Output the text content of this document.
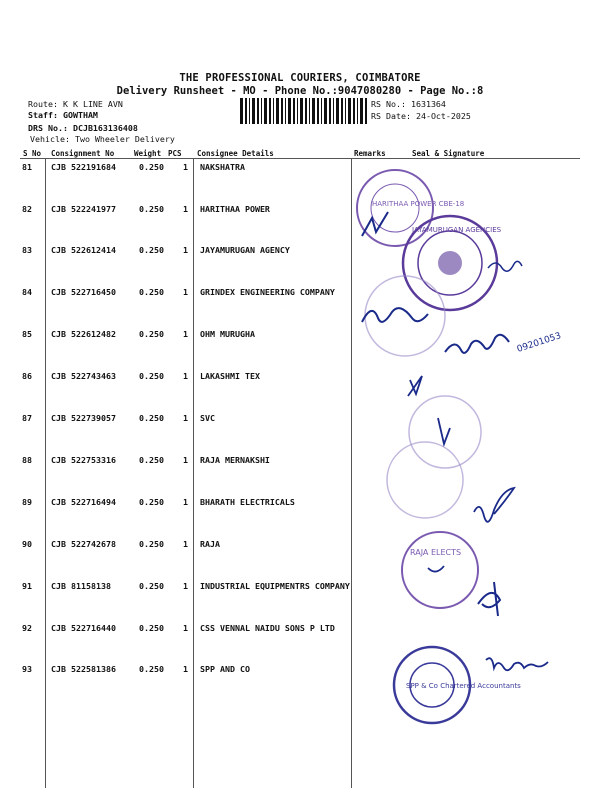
THE PROFESSIONAL COURIERS, COIMBATORE
Delivery Runsheet - MO - Phone No.:9047080280 - Page No.:8
Route: K K LINE AVN
Staff: GOWTHAM
DRS No.: DCJB163136408
Vehicle: Two Wheeler Delivery
RS No.: 1631364
RS Date: 24-Oct-2025
S No Consignment No	Weight PCS Consignee Details	Remarks	Seal & Signature
81 CJB 522191684	0.250 1 NAKSHATRA
82 CJB 522241977	0.250 1 HARITHAA POWER
83 CJB 522612414	0.250 1 JAYAMURUGAN AGENCY
84 CJB 522716450	0.250 1 GRINDEX ENGINEERING COMPANY
85 CJB 522612482	0.250 1 OHM MURUGHA
86 CJB 522743463	0.250 1 LAKASHMI TEX
87 CJB 522739057	0.250 1 SVC
88 CJB 522753316	0.250 1 RAJA MERNAKSHI
89 CJB 522716494	0.250 1 BHARATH ELECTRICALS
90 CJB 522742678	0.250 1 RAJA
91 CJB 81158138	0.250 1 INDUSTRIAL EQUIPMENTRS COMPANY
92 CJB 522716440	0.250 1 CSS VENNAL NAIDU SONS P LTD
93 CJB 522581386	0.250 1 SPP AND CO
HARITHAA POWER CBE-18
JAYAMURUGAN AGENCIES
09201053
RAJA ELECTS
SPP & Co Chartered Accountants
